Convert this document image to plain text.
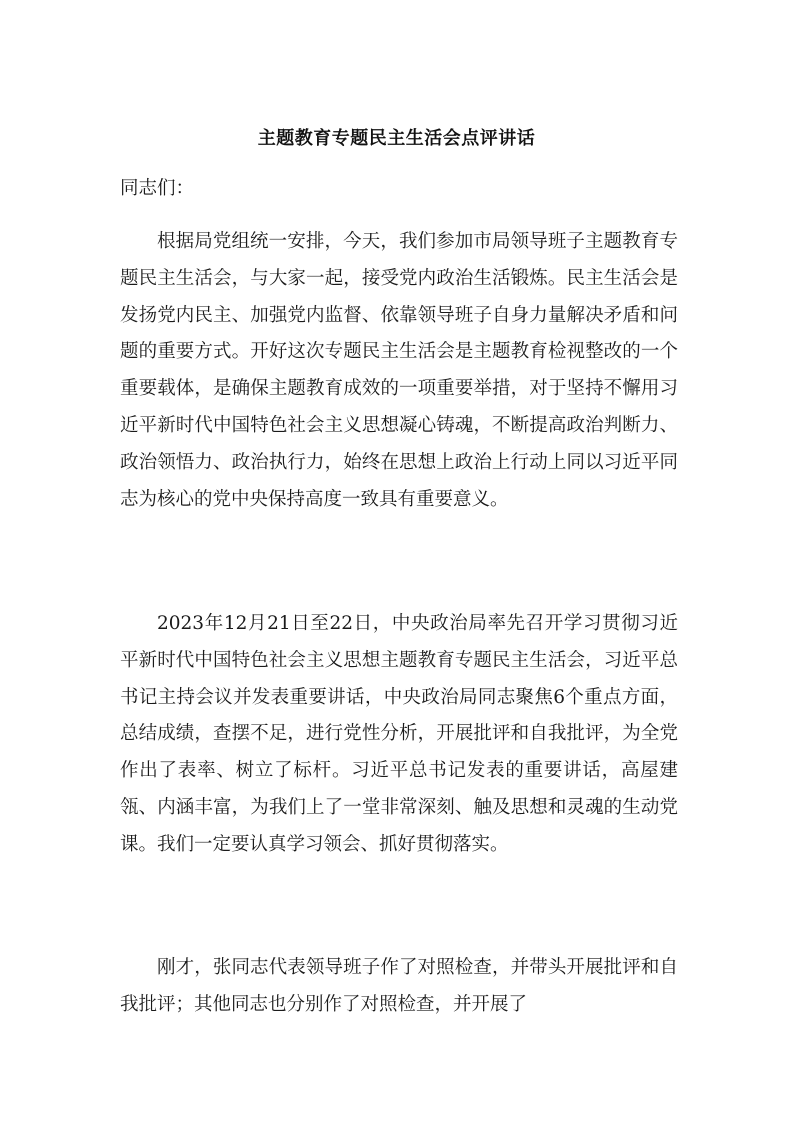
主题教育专题民主生活会点评讲话

同志们：

根据局党组统一安排，今天，我们参加市局领导班子主题教育专题民主生活会，与大家一起，接受党内政治生活锻炼。民主生活会是发扬党内民主、加强党内监督、依靠领导班子自身力量解决矛盾和问题的重要方式。开好这次专题民主生活会是主题教育检视整改的一个重要载体，是确保主题教育成效的一项重要举措，对于坚持不懈用习近平新时代中国特色社会主义思想凝心铸魂，不断提高政治判断力、政治领悟力、政治执行力，始终在思想上政治上行动上同以习近平同志为核心的党中央保持高度一致具有重要意义。

2023年12月21日至22日，中央政治局率先召开学习贯彻习近平新时代中国特色社会主义思想主题教育专题民主生活会，习近平总书记主持会议并发表重要讲话，中央政治局同志聚焦6个重点方面，总结成绩，查摆不足，进行党性分析，开展批评和自我批评，为全党作出了表率、树立了标杆。习近平总书记发表的重要讲话，高屋建瓴、内涵丰富，为我们上了一堂非常深刻、触及思想和灵魂的生动党课。我们一定要认真学习领会、抓好贯彻落实。

刚才，张同志代表领导班子作了对照检查，并带头开展批评和自我批评；其他同志也分别作了对照检查，并开展了
